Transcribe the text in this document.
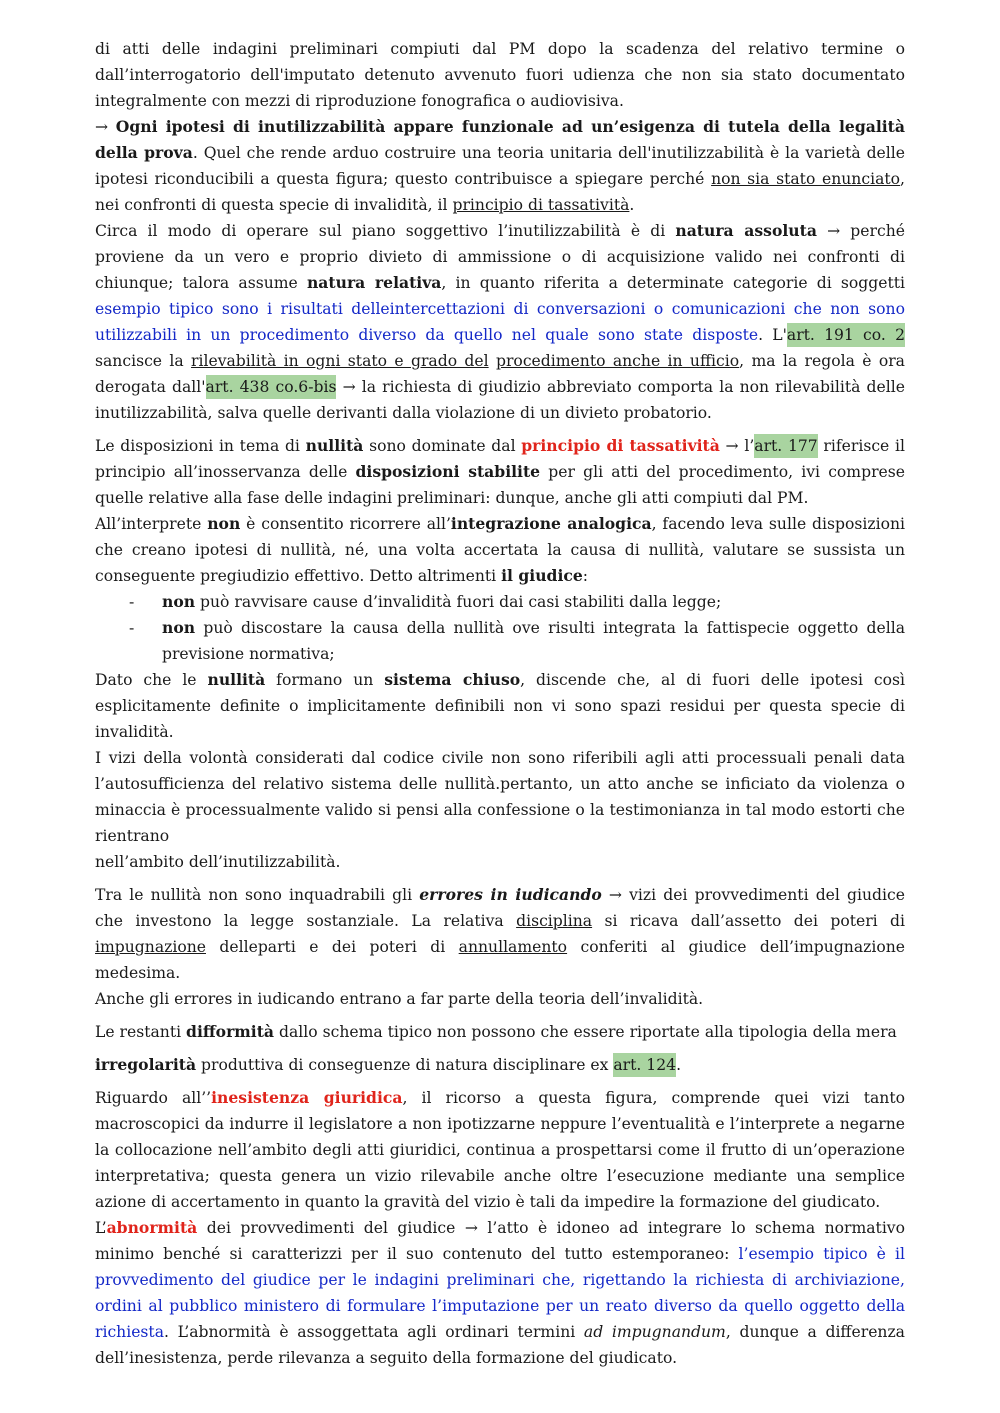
di atti delle indagini preliminari compiuti dal PM dopo la scadenza del relativo termine o dall’interrogatorio dell'imputato detenuto avvenuto fuori udienza che non sia stato documentato integralmente con mezzi di riproduzione fonografica o audiovisiva.

→ Ogni ipotesi di inutilizzabilità appare funzionale ad un’esigenza di tutela della legalità della prova. Quel che rende arduo costruire una teoria unitaria dell'inutilizzabilità è la varietà delle ipotesi riconducibili a questa figura; questo contribuisce a spiegare perché non sia stato enunciato, nei confronti di questa specie di invalidità, il principio di tassatività.

Circa il modo di operare sul piano soggettivo l’inutilizzabilità è di natura assoluta → perché proviene da un vero e proprio divieto di ammissione o di acquisizione valido nei confronti di chiunque; talora assume natura relativa, in quanto riferita a determinate categorie di soggetti esempio tipico sono i risultati delleintercettazioni di conversazioni o comunicazioni che non sono utilizzabili in un procedimento diverso da quello nel quale sono state disposte. L'art. 191 co. 2 sancisce la rilevabilità in ogni stato e grado del procedimento anche in ufficio, ma la regola è ora derogata dall'art. 438 co.6-bis → la richiesta di giudizio abbreviato comporta la non rilevabilità delle inutilizzabilità, salva quelle derivanti dalla violazione di un divieto probatorio.

Le disposizioni in tema di nullità sono dominate dal principio di tassatività → l’art. 177 riferisce il principio all’inosservanza delle disposizioni stabilite per gli atti del procedimento, ivi comprese quelle relative alla fase delle indagini preliminari: dunque, anche gli atti compiuti dal PM.

All’interprete non è consentito ricorrere all’integrazione analogica, facendo leva sulle disposizioni che creano ipotesi di nullità, né, una volta accertata la causa di nullità, valutare se sussista un conseguente pregiudizio effettivo. Detto altrimenti il giudice:

- non può ravvisare cause d’invalidità fuori dai casi stabiliti dalla legge;
- non può discostare la causa della nullità ove risulti integrata la fattispecie oggetto della previsione normativa;

Dato che le nullità formano un sistema chiuso, discende che, al di fuori delle ipotesi così esplicitamente definite o implicitamente definibili non vi sono spazi residui per questa specie di invalidità.

I vizi della volontà considerati dal codice civile non sono riferibili agli atti processuali penali data l’autosufficienza del relativo sistema delle nullità.pertanto, un atto anche se inficiato da violenza o minaccia è processualmente valido si pensi alla confessione o la testimonianza in tal modo estorti che rientrano

nell’ambito dell’inutilizzabilità.

Tra le nullità non sono inquadrabili gli errores in iudicando → vizi dei provvedimenti del giudice che investono la legge sostanziale. La relativa disciplina si ricava dall’assetto dei poteri di impugnazione delleparti e dei poteri di annullamento conferiti al giudice dell’impugnazione medesima.

Anche gli errores in iudicando entrano a far parte della teoria dell’invalidità.

Le restanti difformità dallo schema tipico non possono che essere riportate alla tipologia della mera

irregolarità produttiva di conseguenze di natura disciplinare ex art. 124.

Riguardo all’’inesistenza giuridica, il ricorso a questa figura, comprende quei vizi tanto macroscopici da indurre il legislatore a non ipotizzarne neppure l’eventualità e l’interprete a negarne la collocazione nell’ambito degli atti giuridici, continua a prospettarsi come il frutto di un’operazione interpretativa; questa genera un vizio rilevabile anche oltre l’esecuzione mediante una semplice azione di accertamento in quanto la gravità del vizio è tali da impedire la formazione del giudicato.

L’abnormità dei provvedimenti del giudice → l’atto è idoneo ad integrare lo schema normativo minimo benché si caratterizzi per il suo contenuto del tutto estemporaneo: l’esempio tipico è il provvedimento del giudice per le indagini preliminari che, rigettando la richiesta di archiviazione, ordini al pubblico ministero di formulare l’imputazione per un reato diverso da quello oggetto della richiesta. L’abnormità è assoggettata agli ordinari termini ad impugnandum, dunque a differenza dell’inesistenza, perde rilevanza a seguito della formazione del giudicato.
